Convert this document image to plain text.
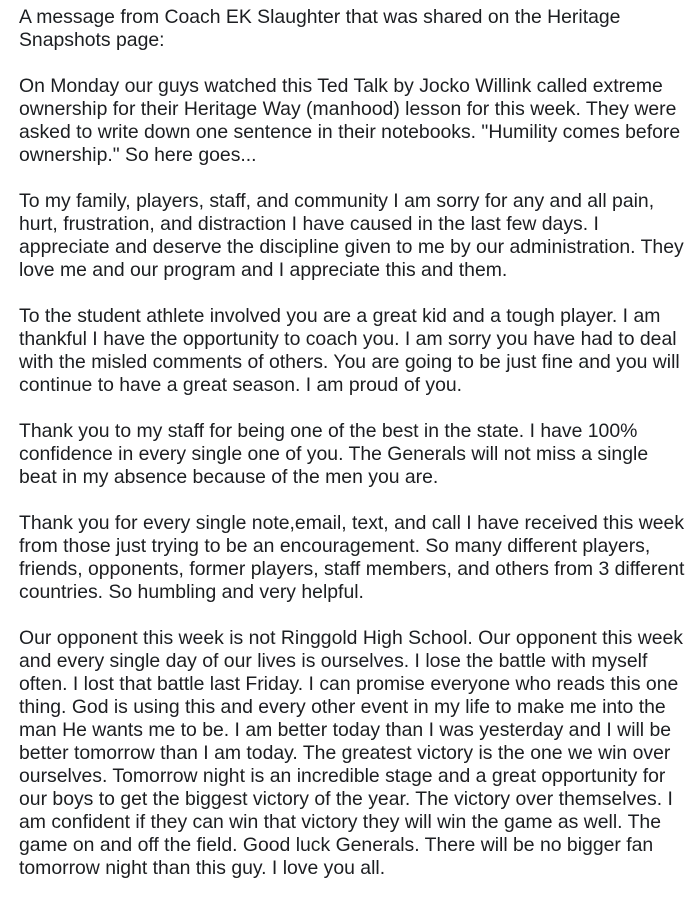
A message from Coach EK Slaughter that was shared on the Heritage Snapshots page:

On Monday our guys watched this Ted Talk by Jocko Willink called extreme ownership for their Heritage Way (manhood) lesson for this week. They were asked to write down one sentence in their notebooks. "Humility comes before ownership." So here goes...

To my family, players, staff, and community I am sorry for any and all pain, hurt, frustration, and distraction I have caused in the last few days. I appreciate and deserve the discipline given to me by our administration. They love me and our program and I appreciate this and them.

To the student athlete involved you are a great kid and a tough player. I am thankful I have the opportunity to coach you. I am sorry you have had to deal with the misled comments of others. You are going to be just fine and you will continue to have a great season. I am proud of you.

Thank you to my staff for being one of the best in the state. I have 100% confidence in every single one of you. The Generals will not miss a single beat in my absence because of the men you are.

Thank you for every single note,email, text, and call I have received this week from those just trying to be an encouragement. So many different players, friends, opponents, former players, staff members, and others from 3 different countries. So humbling and very helpful.

Our opponent this week is not Ringgold High School. Our opponent this week and every single day of our lives is ourselves. I lose the battle with myself often. I lost that battle last Friday. I can promise everyone who reads this one thing. God is using this and every other event in my life to make me into the man He wants me to be. I am better today than I was yesterday and I will be better tomorrow than I am today. The greatest victory is the one we win over ourselves. Tomorrow night is an incredible stage and a great opportunity for our boys to get the biggest victory of the year. The victory over themselves. I am confident if they can win that victory they will win the game as well. The game on and off the field. Good luck Generals. There will be no bigger fan tomorrow night than this guy. I love you all.
